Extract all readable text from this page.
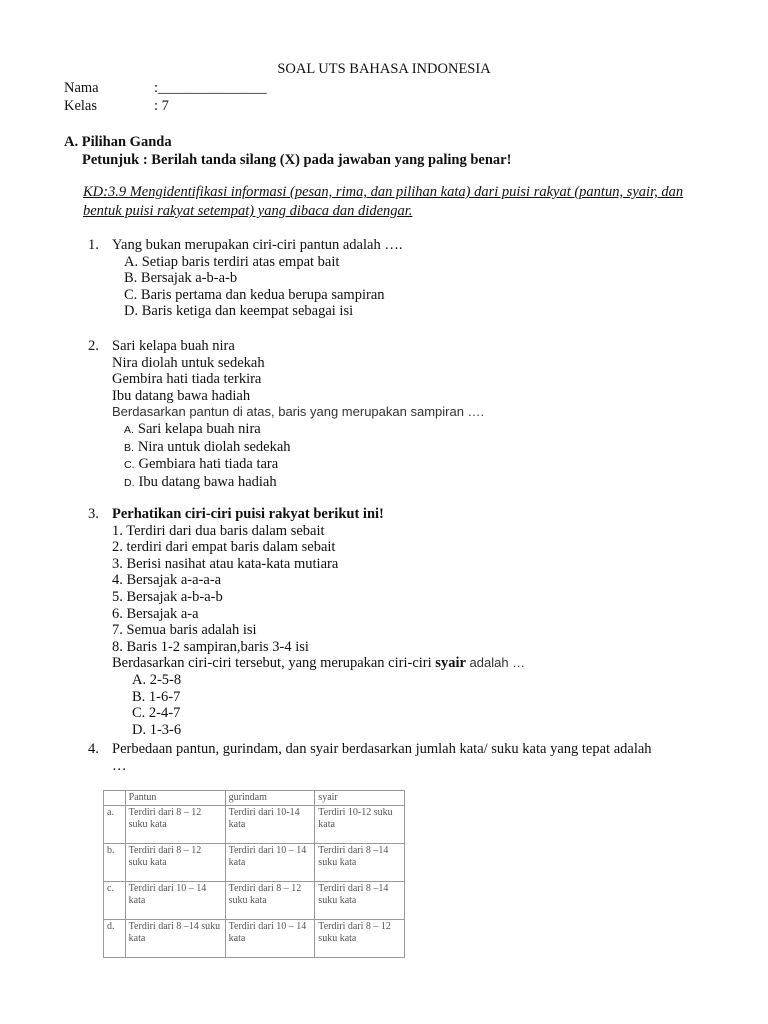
SOAL UTS BAHASA INDONESIA
Nama	:_______________
Kelas	: 7
A. Pilihan Ganda
Petunjuk : Berilah tanda silang (X) pada jawaban yang paling benar!
KD:3.9 Mengidentifikasi informasi (pesan, rima, dan pilihan kata) dari puisi rakyat (pantun, syair, dan bentuk puisi rakyat setempat) yang dibaca dan didengar.
1. Yang bukan merupakan ciri-ciri pantun adalah ….
A. Setiap baris terdiri atas empat bait
B. Bersajak a-b-a-b
C. Baris pertama dan kedua berupa sampiran
D. Baris ketiga dan keempat sebagai isi
2. Sari kelapa buah nira
Nira diolah untuk sedekah
Gembira hati tiada terkira
Ibu datang bawa hadiah
Berdasarkan pantun di atas, baris yang merupakan sampiran ….
A. Sari kelapa buah nira
B. Nira untuk diolah sedekah
C. Gembiara hati tiada tara
D. Ibu datang bawa hadiah
3. Perhatikan ciri-ciri puisi rakyat berikut ini!
1. Terdiri dari dua baris dalam sebait
2. terdiri dari empat baris dalam sebait
3. Berisi nasihat atau kata-kata mutiara
4. Bersajak a-a-a-a
5. Bersajak a-b-a-b
6. Bersajak a-a
7. Semua baris adalah isi
8. Baris 1-2 sampiran,baris 3-4 isi
Berdasarkan ciri-ciri tersebut, yang merupakan ciri-ciri syair adalah …
A. 2-5-8
B. 1-6-7
C. 2-4-7
D. 1-3-6
4. Perbedaan pantun, gurindam, dan syair berdasarkan jumlah kata/ suku kata yang tepat adalah
…
	Pantun	gurindam	syair
a.	Terdiri dari 8 – 12 suku kata	Terdiri dari 10-14 kata	Terdiri 10-12 suku kata
b.	Terdiri dari 8 – 12 suku kata	Terdiri dari 10 – 14 kata	Terdiri dari 8 –14 suku kata
c.	Terdiri dari 10 – 14 kata	Terdiri dari 8 – 12 suku kata	Terdiri dari 8 –14 suku kata
d.	Terdiri dari 8 –14 suku kata	Terdiri dari 10 – 14 kata	Terdiri dari 8 – 12 suku kata
